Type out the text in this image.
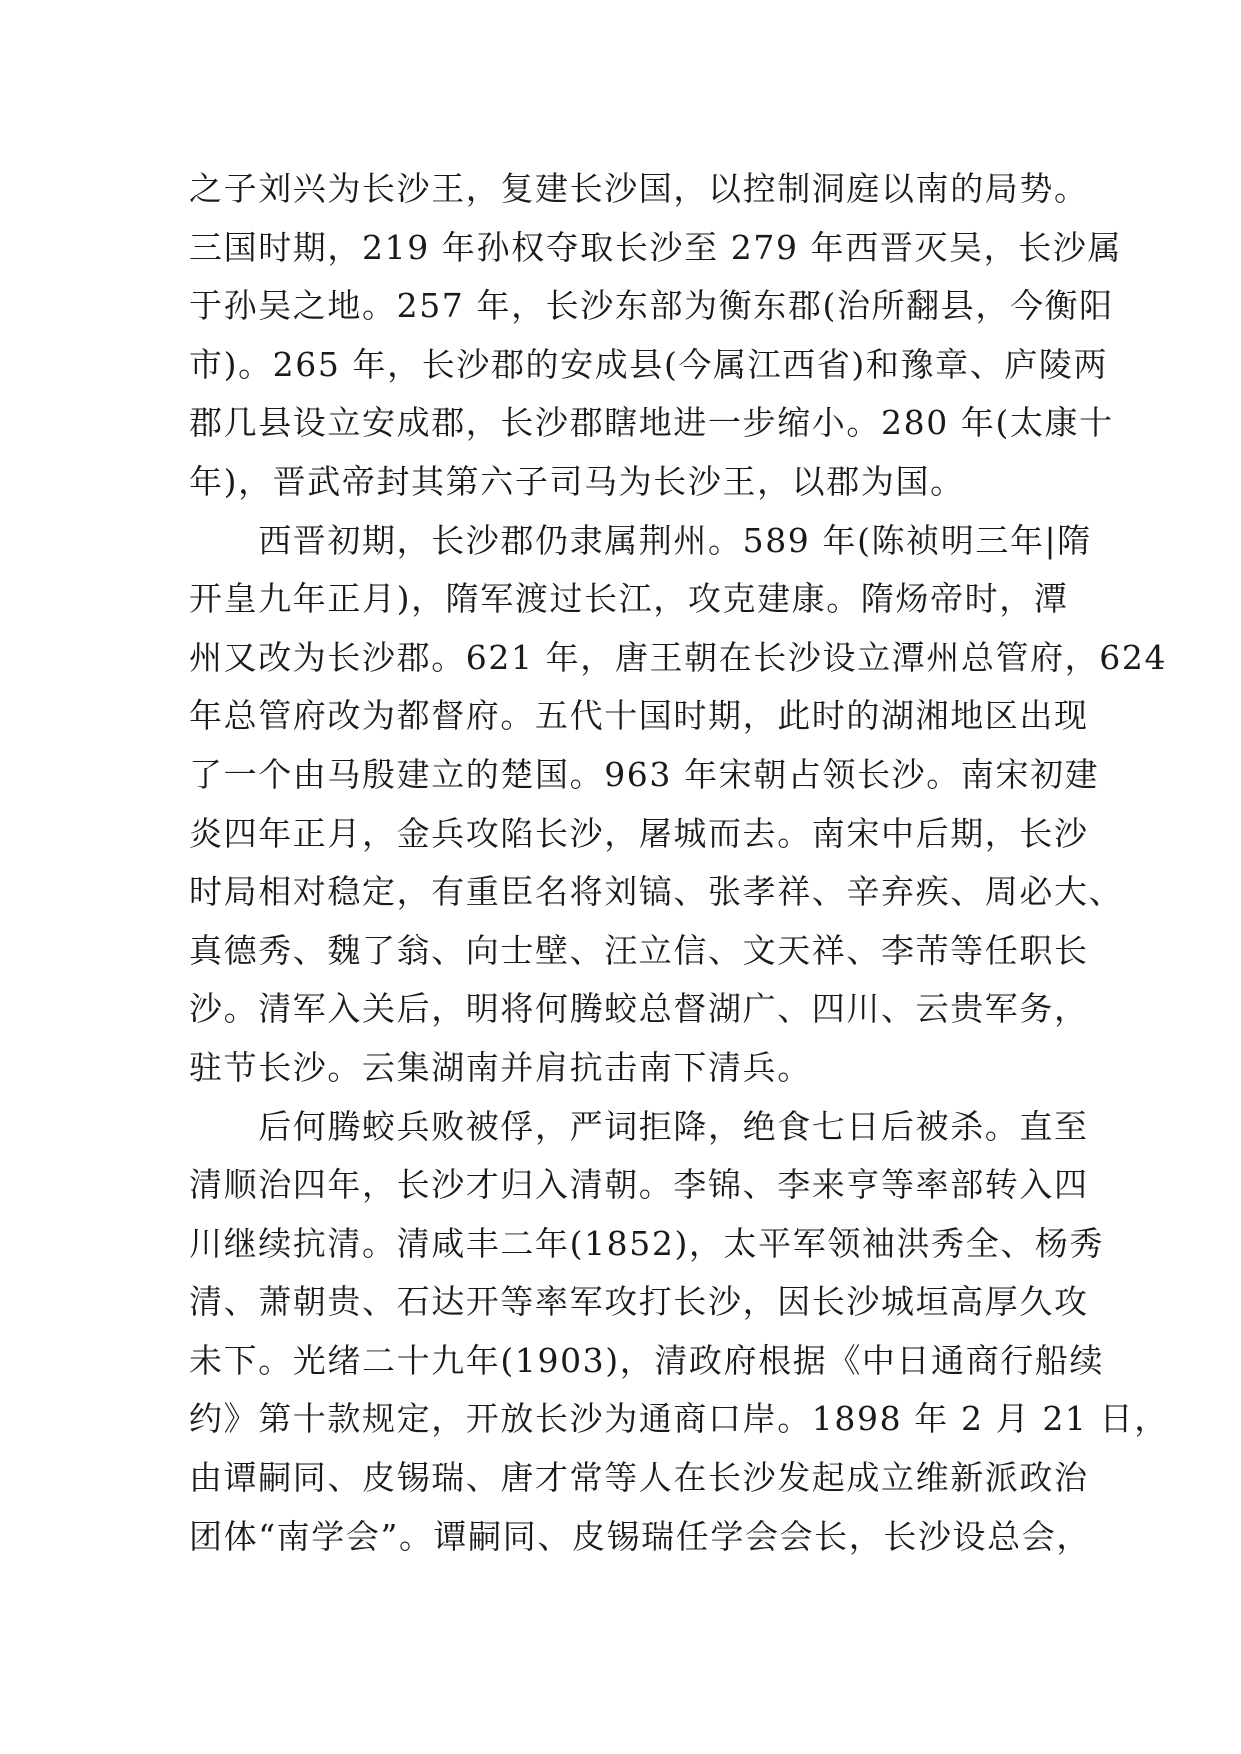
之子刘兴为长沙王，复建长沙国，以控制洞庭以南的局势。
三国时期，219 年孙权夺取长沙至 279 年西晋灭吴，长沙属
于孙吴之地。257 年，长沙东部为衡东郡(治所翻县，今衡阳
市)。265 年，长沙郡的安成县(今属江西省)和豫章、庐陵两
郡几县设立安成郡，长沙郡瞎地进一步缩小。280 年(太康十
年)，晋武帝封其第六子司马为长沙王，以郡为国。
　　西晋初期，长沙郡仍隶属荆州。589 年(陈祯明三年|隋
开皇九年正月)，隋军渡过长江，攻克建康。隋炀帝时，潭
州又改为长沙郡。621 年，唐王朝在长沙设立潭州总管府，624
年总管府改为都督府。五代十国时期，此时的湖湘地区出现
了一个由马殷建立的楚国。963 年宋朝占领长沙。南宋初建
炎四年正月，金兵攻陷长沙，屠城而去。南宋中后期，长沙
时局相对稳定，有重臣名将刘镐、张孝祥、辛弃疾、周必大、
真德秀、魏了翁、向士壁、汪立信、文天祥、李芾等任职长
沙。清军入关后，明将何腾蛟总督湖广、四川、云贵军务，
驻节长沙。云集湖南并肩抗击南下清兵。
　　后何腾蛟兵败被俘，严词拒降，绝食七日后被杀。直至
清顺治四年，长沙才归入清朝。李锦、李来亨等率部转入四
川继续抗清。清咸丰二年(1852)，太平军领袖洪秀全、杨秀
清、萧朝贵、石达开等率军攻打长沙，因长沙城垣高厚久攻
未下。光绪二十九年(1903)，清政府根据《中日通商行船续
约》第十款规定，开放长沙为通商口岸。1898 年 2 月 21 日，
由谭嗣同、皮锡瑞、唐才常等人在长沙发起成立维新派政治
团体“南学会”。谭嗣同、皮锡瑞任学会会长，长沙设总会，
